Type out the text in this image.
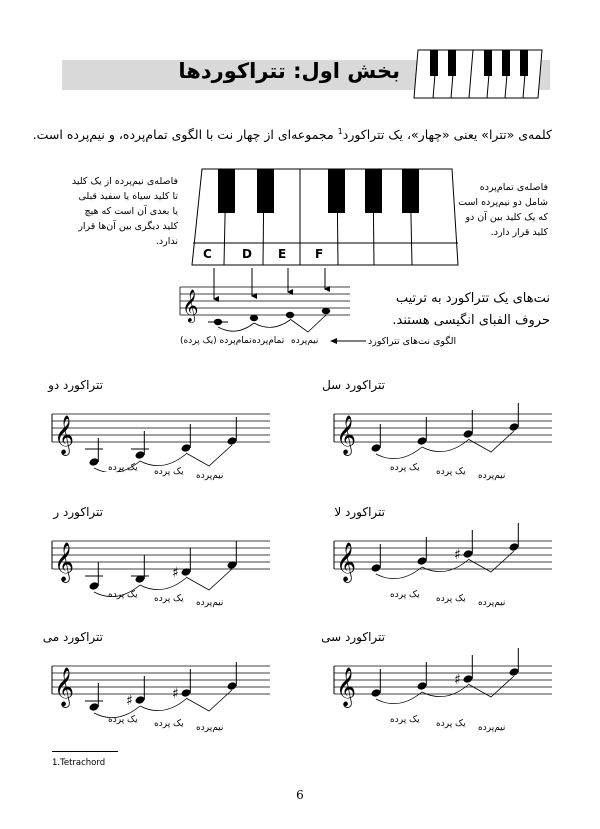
بخش اول: تتراکوردها
کلمه‌ی «تترا» یعنی «چهار»، یک تتراکورد$^1$ مجموعه‌ای از چهار نت با الگوی تمام‌پرده، و نیم‌پرده است.
فاصله‌ی نیم‌پرده از یک کلید تا کلید سیاه یا سفید قبلی یا بعدی آن است که هیچ کلید دیگری بین آن‌ها قرار ندارد.
فاصله‌ی تمام‌پرده شامل دو نیم‌پرده است که یک کلید بین آن دو کلید قرار دارد.
C	D E F
𝄞	نت‌های یک تتراکورد به ترتیب حروف الفبای انگیسی هستند.
الگوی نت‌های تتراکورد
نیم‌پرده
تمام‌پرده
تمام‌پرده (یک پرده)
تتراکورد دو
𝄞
یک پرده یک پرده نیم‌پرده
تتراکورد سل
𝄞
یک پرده یک پرده نیم‌پرده
تتراکورد ر
𝄞	♯
یک پرده یک پرده نیم‌پرده
تتراکورد لا
𝄞	♯
یک پرده یک پرده نیم‌پرده
تتراکورد می
𝄞	♯	♯
یک پرده یک پرده نیم‌پرده
تتراکورد سی
𝄞	♯
یک پرده یک پرده نیم‌پرده
1.Tetrachord
6
